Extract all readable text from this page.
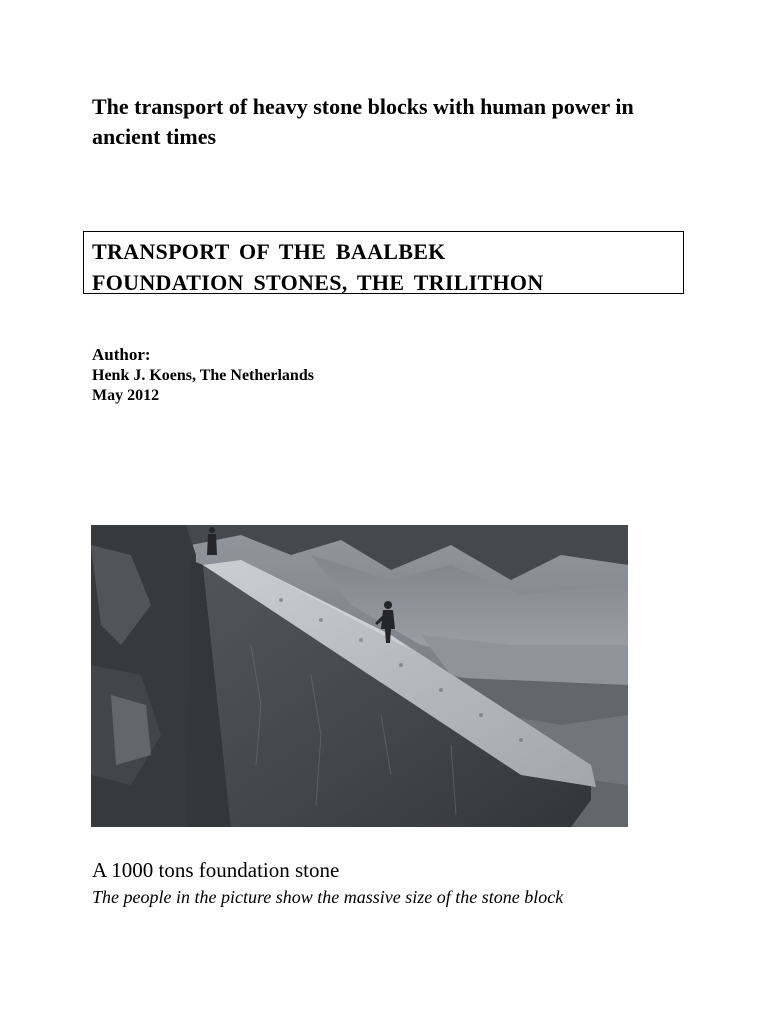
The transport of heavy stone blocks with human power in ancient times
TRANSPORT OF THE BAALBEK
FOUNDATION STONES, THE TRILITHON
Author:
Henk J. Koens, The Netherlands
May 2012
A 1000 tons foundation stone
The people in the picture show the massive size of the stone block
